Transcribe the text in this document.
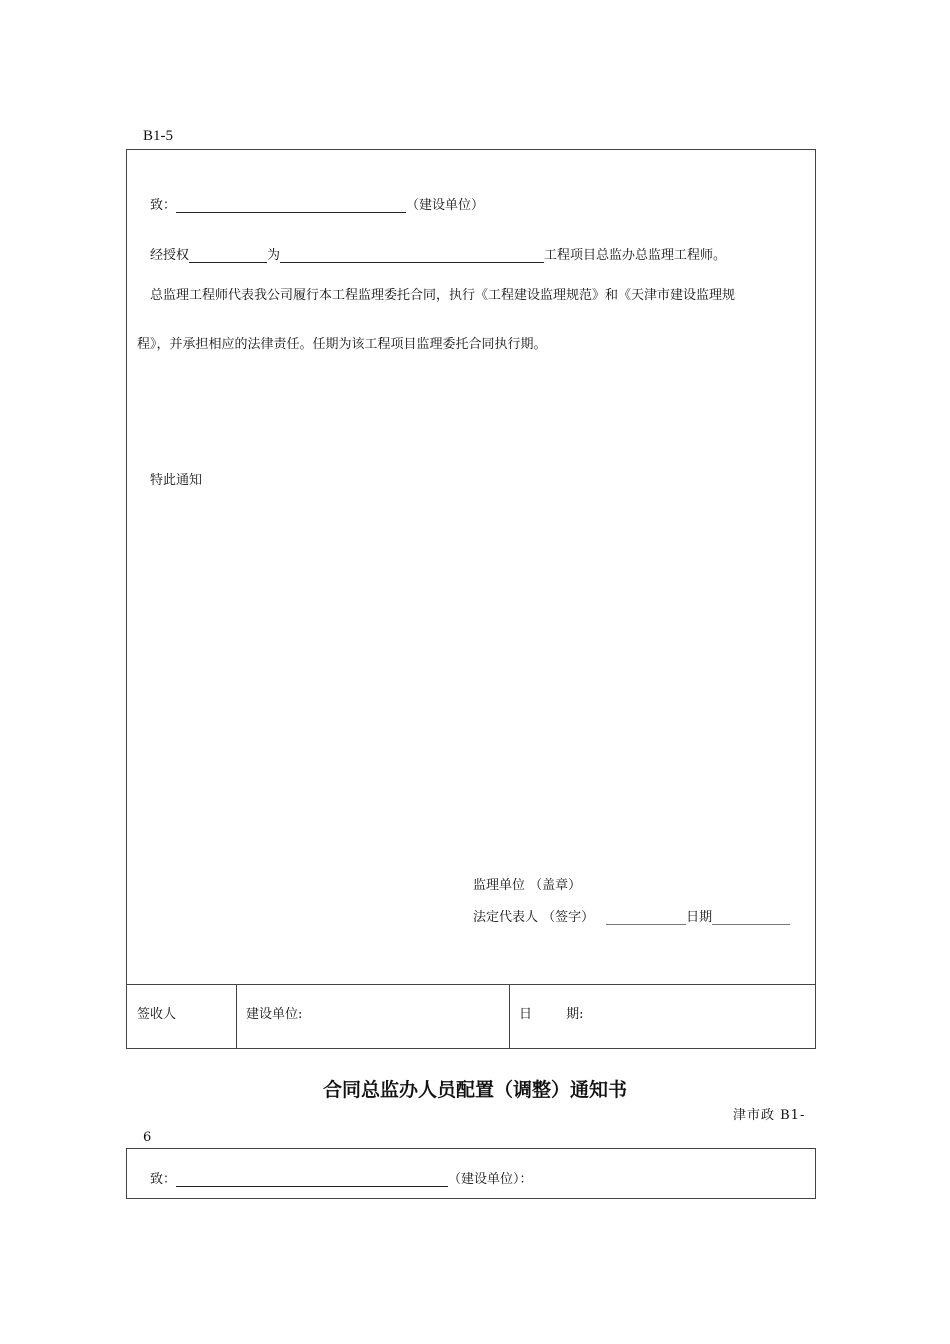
B1-5
致：	（建设单位）
经授权	为	工程项目总监办总监理工程师。
总监理工程师代表我公司履行本工程监理委托合同，执行《工程建设监理规范》和《天津市建设监理规
程》，并承担相应的法律责任。任期为该工程项目监理委托合同执行期。
特此通知
监理单位 （盖章）
法定代表人 （签字）	日期
签收人	建设单位:	日 期:
合同总监办人员配置（调整）通知书
津市政 B1-
6
致：	（建设单位）：
